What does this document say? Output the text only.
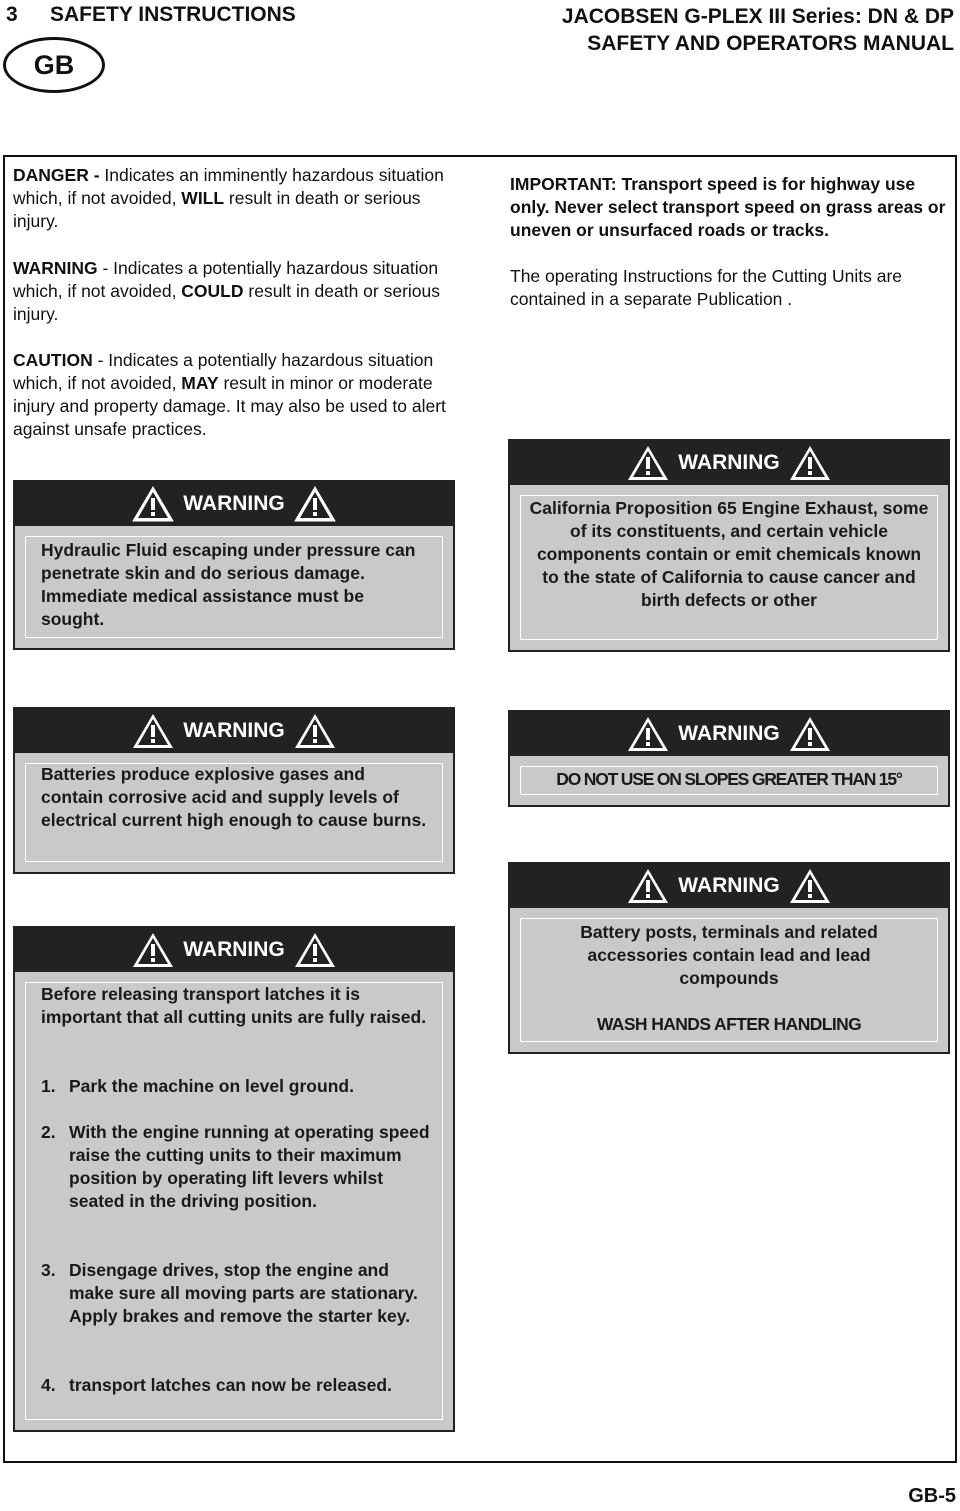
3 SAFETY INSTRUCTIONS	JACOBSEN G-PLEX III Series: DN & DP
SAFETY AND OPERATORS MANUAL
GB
DANGER - Indicates an imminently hazardous situation which, if not avoided, WILL result in death or serious injury.
WARNING - Indicates a potentially hazardous situation which, if not avoided, COULD result in death or serious injury.
CAUTION - Indicates a potentially hazardous situation which, if not avoided, MAY result in minor or moderate injury and property damage. It may also be used to alert against unsafe practices.
IMPORTANT: Transport speed is for highway use only. Never select transport speed on grass areas or uneven or unsurfaced roads or tracks.
The operating Instructions for the Cutting Units are contained in a separate Publication .
WARNING
Hydraulic Fluid escaping under pressure can penetrate skin and do serious damage. Immediate medical assistance must be sought.
WARNING
California Proposition 65 Engine Exhaust, some of its constituents, and certain vehicle components contain or emit chemicals known to the state of California to cause cancer and birth defects or other
WARNING
Batteries produce explosive gases and contain corrosive acid and supply levels of electrical current high enough to cause burns.
WARNING
DO NOT USE ON SLOPES GREATER THAN 15°
WARNING
Battery posts, terminals and related accessories contain lead and lead compounds
WASH HANDS AFTER HANDLING
WARNING
Before releasing transport latches it is important that all cutting units are fully raised.
1. Park the machine on level ground.
2. With the engine running at operating speed raise the cutting units to their maximum position by operating lift levers whilst seated in the driving position.
3. Disengage drives, stop the engine and make sure all moving parts are stationary. Apply brakes and remove the starter key.
4. transport latches can now be released.
GB-5
